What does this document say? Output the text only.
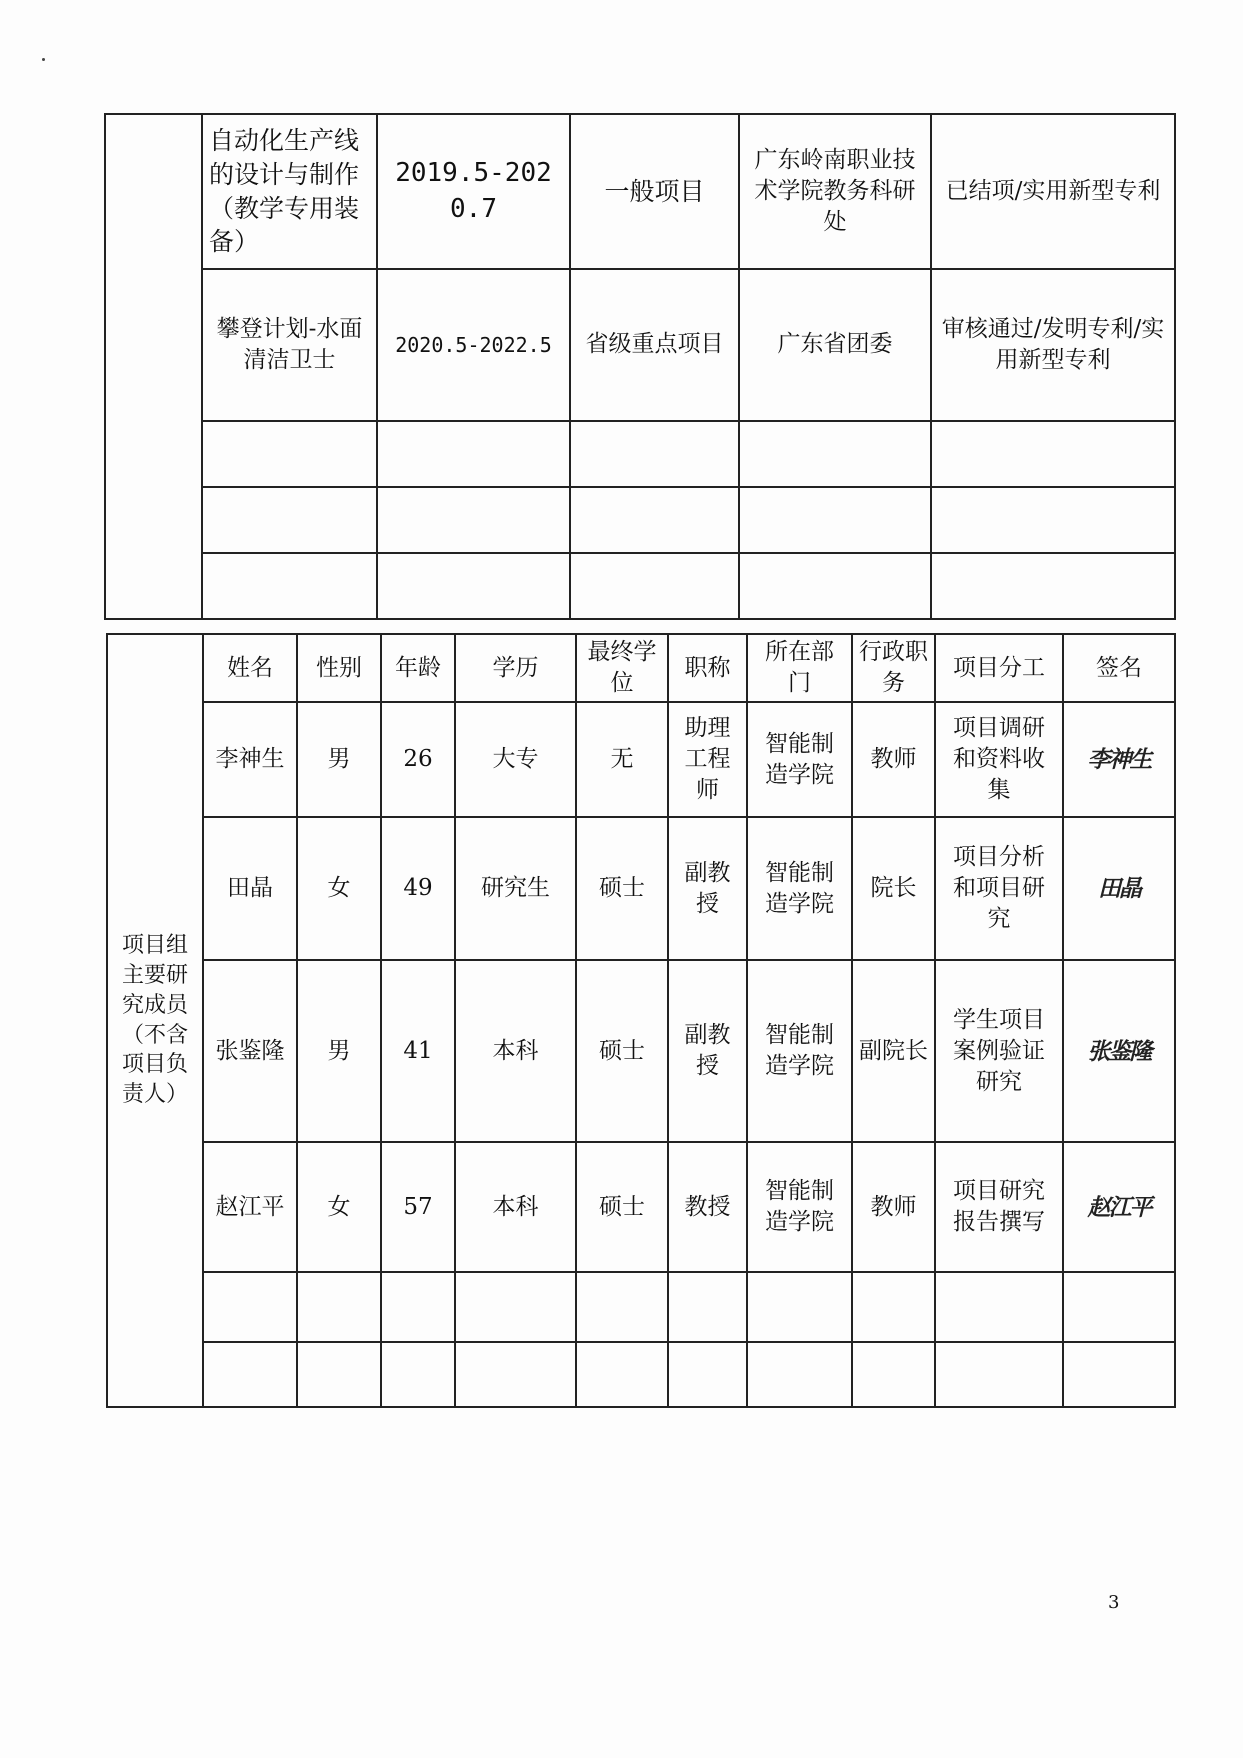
	自动化生产线的设计与制作（教学专用装备）	2019.5-2020.7	一般项目	广东岭南职业技术学院教务科研处	已结项/实用新型专利
	攀登计划-水面清洁卫士	2020.5-2022.5	省级重点项目	广东省团委	审核通过/发明专利/实用新型专利

项目组主要研究成员（不含项目负责人）	姓名	性别	年龄	学历	最终学位	职称	所在部门	行政职务	项目分工	签名
	李神生	男	26	大专	无	助理工程师	智能制造学院	教师	项目调研和资料收集	李神生
	田晶	女	49	研究生	硕士	副教授	智能制造学院	院长	项目分析和项目研究	田晶
	张鉴隆	男	41	本科	硕士	副教授	智能制造学院	副院长	学生项目案例验证研究	张鉴隆
	赵江平	女	57	本科	硕士	教授	智能制造学院	教师	项目研究报告撰写	赵江平

3
